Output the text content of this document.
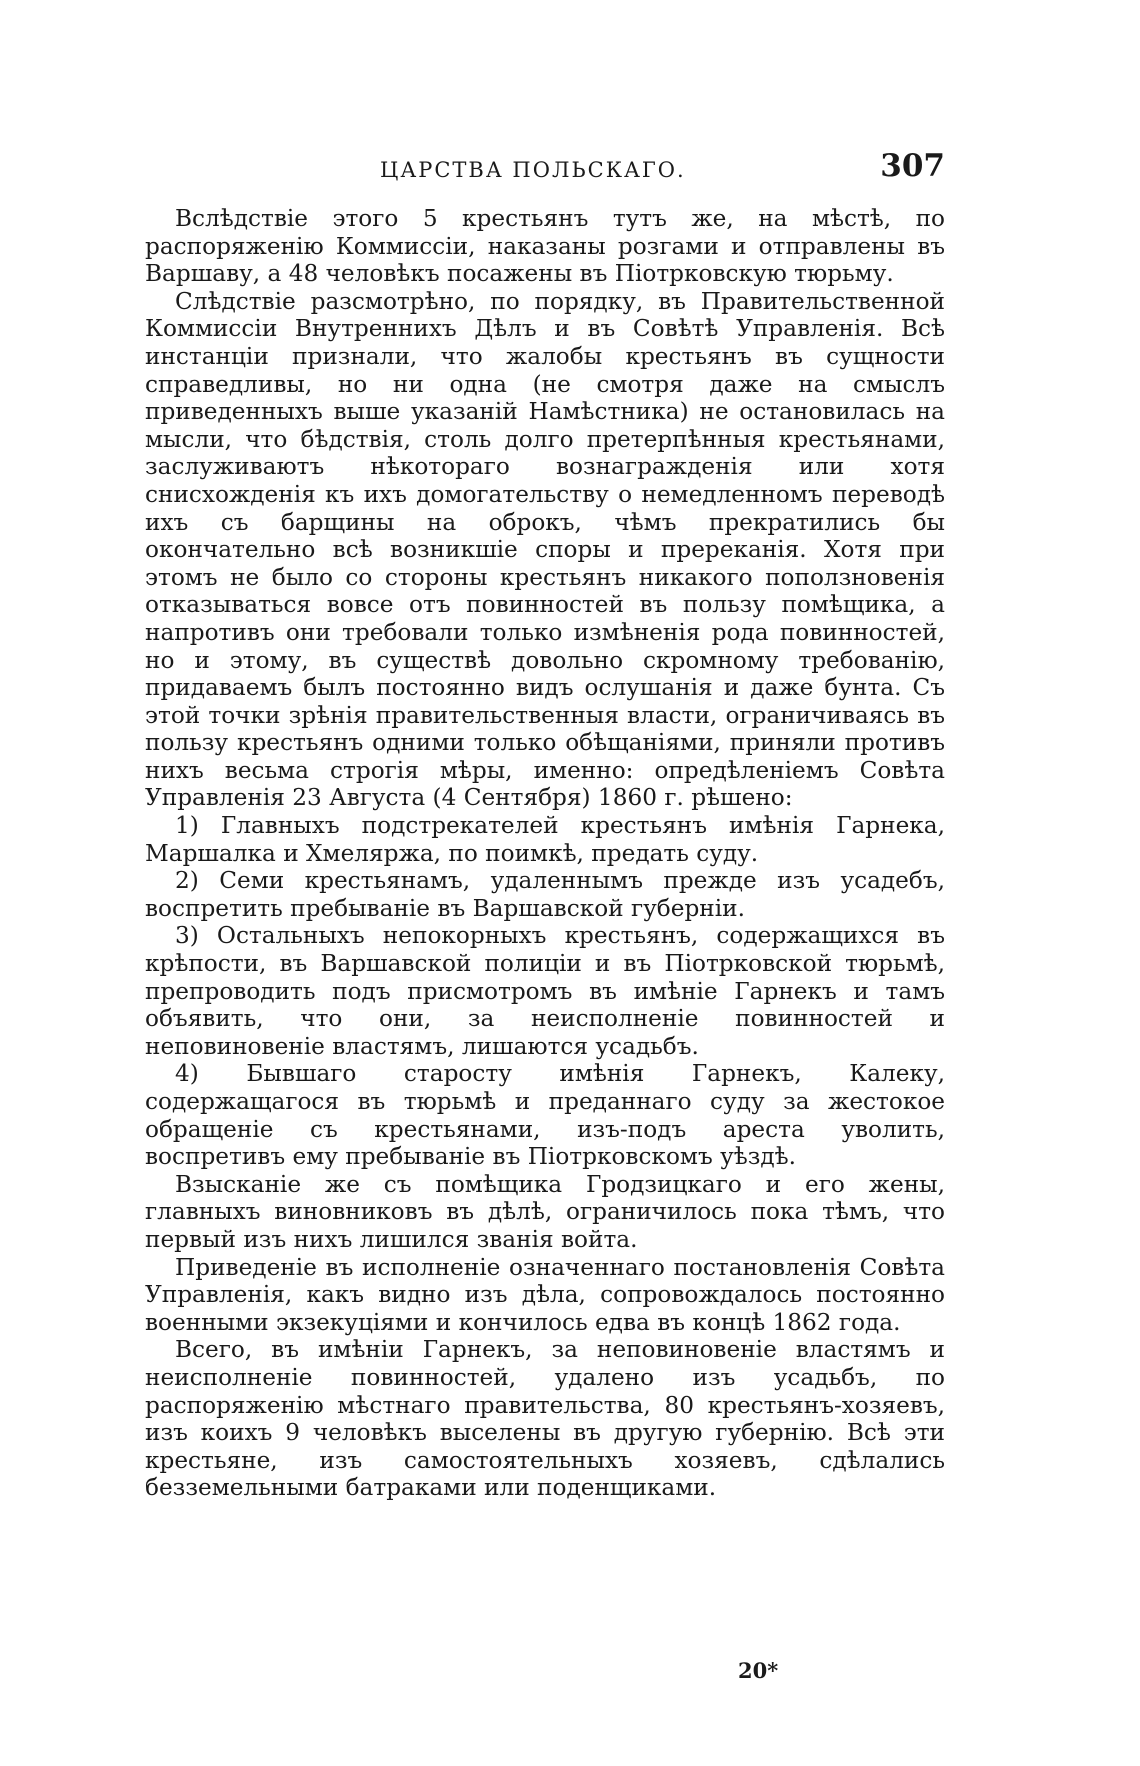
ЦАРСТВА ПОЛЬСКАГО.	307

Вслѣдствіе этого 5 крестьянъ тутъ же, на мѣстѣ, по распоряженію Коммиссіи, наказаны розгами и отправлены въ Варшаву, а 48 человѣкъ посажены въ Піотрковскую тюрьму.

Слѣдствіе разсмотрѣно, по порядку, въ Правительственной Коммиссіи Внутреннихъ Дѣлъ и въ Совѣтѣ Управленія. Всѣ инстанціи признали, что жалобы крестьянъ въ сущности справедливы, но ни одна (не смотря даже на смыслъ приведенныхъ выше указаній Намѣстника) не остановилась на мысли, что бѣдствія, столь долго претерпѣнныя крестьянами, заслуживаютъ нѣкотораго вознагражденія или хотя снисхожденія къ ихъ домогательству о немедленномъ переводѣ ихъ съ барщины на оброкъ, чѣмъ прекратились бы окончательно всѣ возникшіе споры и пререканія. Хотя при этомъ не было со стороны крестьянъ никакого поползновенія отказываться вовсе отъ повинностей въ пользу помѣщика, а напротивъ они требовали только измѣненія рода повинностей, но и этому, въ существѣ довольно скромному требованію, придаваемъ былъ постоянно видъ ослушанія и даже бунта. Съ этой точки зрѣнія правительственныя власти, ограничиваясь въ пользу крестьянъ одними только обѣщаніями, приняли противъ нихъ весьма строгія мѣры, именно: опредѣленіемъ Совѣта Управленія 23 Августа (4 Сентября) 1860 г. рѣшено:

1) Главныхъ подстрекателей крестьянъ имѣнія Гарнека, Маршалка и Хмеляржа, по поимкѣ, предать суду.

2) Семи крестьянамъ, удаленнымъ прежде изъ усадебъ, воспретить пребываніе въ Варшавской губерніи.

3) Остальныхъ непокорныхъ крестьянъ, содержащихся въ крѣпости, въ Варшавской полиціи и въ Піотрковской тюрьмѣ, препроводить подъ присмотромъ въ имѣніе Гарнекъ и тамъ объявить, что они, за неисполненіе повинностей и неповиновеніе властямъ, лишаются усадьбъ.

4) Бывшаго старосту имѣнія Гарнекъ, Калеку, содержащагося въ тюрьмѣ и преданнаго суду за жестокое обращеніе съ крестьянами, изъ-подъ ареста уволить, воспретивъ ему пребываніе въ Піотрковскомъ уѣздѣ.

Взысканіе же съ помѣщика Гродзицкаго и его жены, главныхъ виновниковъ въ дѣлѣ, ограничилось пока тѣмъ, что первый изъ нихъ лишился званія войта.

Приведеніе въ исполненіе означеннаго постановленія Совѣта Управленія, какъ видно изъ дѣла, сопровождалось постоянно военными экзекуціями и кончилось едва въ концѣ 1862 года.

Всего, въ имѣніи Гарнекъ, за неповиновеніе властямъ и неисполненіе повинностей, удалено изъ усадьбъ, по распоряженію мѣстнаго правительства, 80 крестьянъ-хозяевъ, изъ коихъ 9 человѣкъ выселены въ другую губернію. Всѣ эти крестьяне, изъ самостоятельныхъ хозяевъ, сдѣлались безземельными батраками или поденщиками.

20*
